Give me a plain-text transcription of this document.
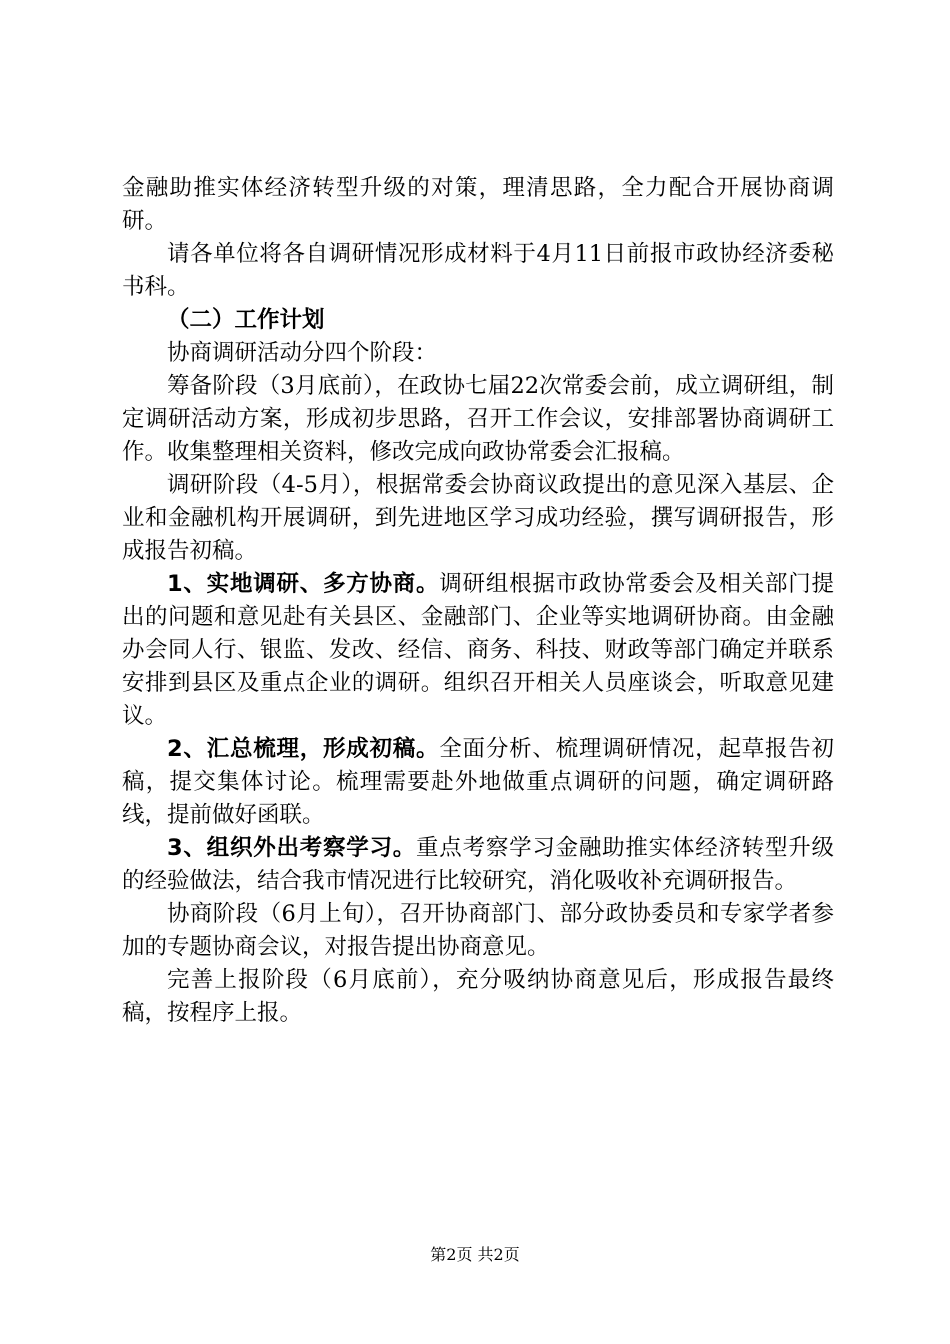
金融助推实体经济转型升级的对策，理清思路，全力配合开展协商调研。

请各单位将各自调研情况形成材料于4月11日前报市政协经济委秘书科。

（二）工作计划

协商调研活动分四个阶段：

筹备阶段（3月底前），在政协七届22次常委会前，成立调研组，制定调研活动方案，形成初步思路，召开工作会议，安排部署协商调研工作。收集整理相关资料，修改完成向政协常委会汇报稿。

调研阶段（4-5月），根据常委会协商议政提出的意见深入基层、企业和金融机构开展调研，到先进地区学习成功经验，撰写调研报告，形成报告初稿。

1、实地调研、多方协商。调研组根据市政协常委会及相关部门提出的问题和意见赴有关县区、金融部门、企业等实地调研协商。由金融办会同人行、银监、发改、经信、商务、科技、财政等部门确定并联系安排到县区及重点企业的调研。组织召开相关人员座谈会，听取意见建议。

2、汇总梳理，形成初稿。全面分析、梳理调研情况，起草报告初稿，提交集体讨论。梳理需要赴外地做重点调研的问题，确定调研路线，提前做好函联。

3、组织外出考察学习。重点考察学习金融助推实体经济转型升级的经验做法，结合我市情况进行比较研究，消化吸收补充调研报告。

协商阶段（6月上旬），召开协商部门、部分政协委员和专家学者参加的专题协商会议，对报告提出协商意见。

完善上报阶段（6月底前），充分吸纳协商意见后，形成报告最终稿，按程序上报。

第2页 共2页
